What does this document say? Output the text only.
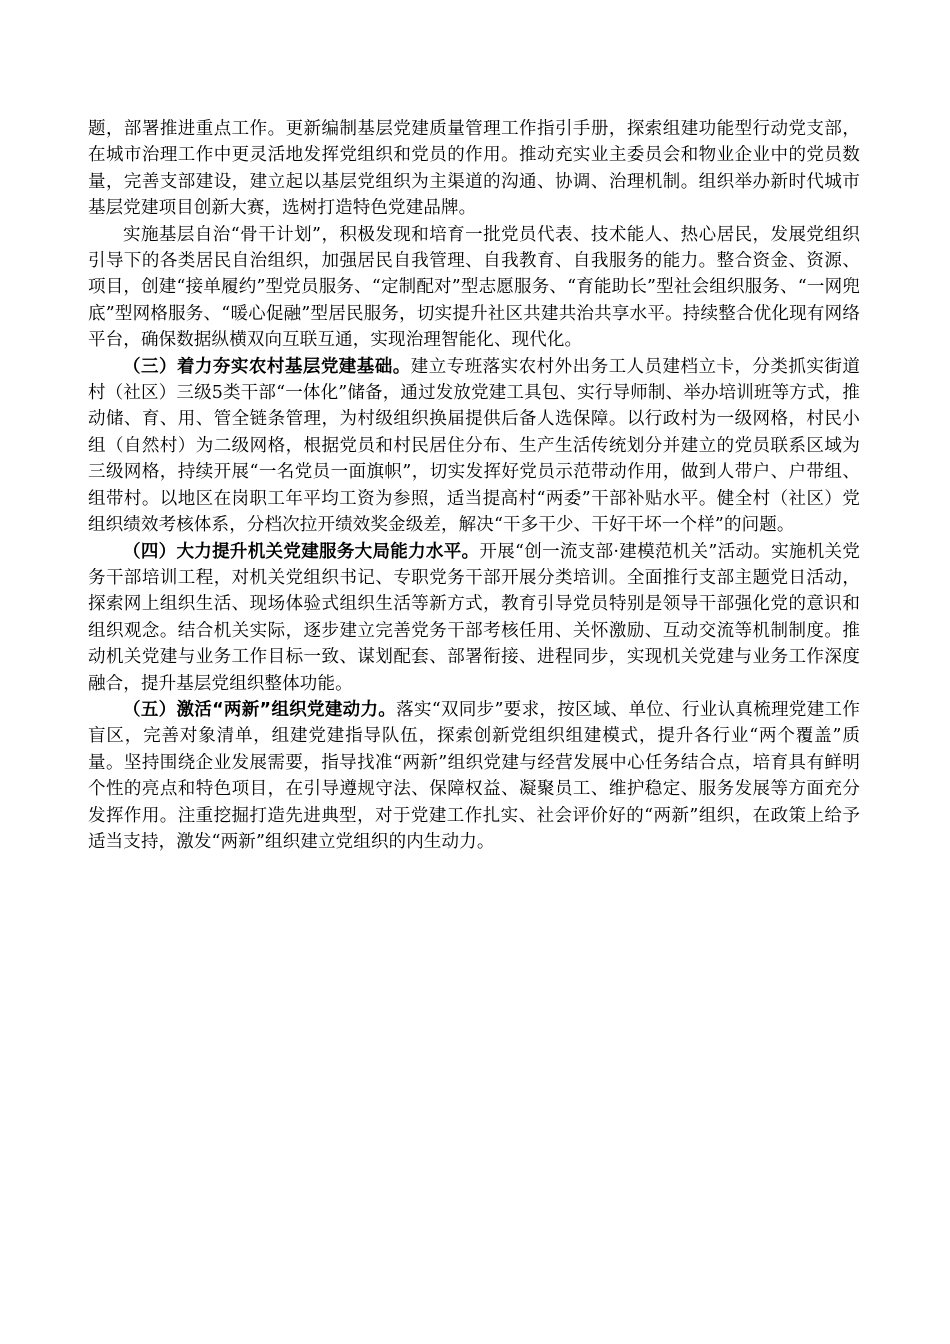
题，部署推进重点工作。更新编制基层党建质量管理工作指引手册，探索组建功能型行动党支部，在城市治理工作中更灵活地发挥党组织和党员的作用。推动充实业主委员会和物业企业中的党员数量，完善支部建设，建立起以基层党组织为主渠道的沟通、协调、治理机制。组织举办新时代城市基层党建项目创新大赛，选树打造特色党建品牌。

实施基层自治“骨干计划”，积极发现和培育一批党员代表、技术能人、热心居民，发展党组织引导下的各类居民自治组织，加强居民自我管理、自我教育、自我服务的能力。整合资金、资源、项目，创建“接单履约”型党员服务、“定制配对”型志愿服务、“育能助长”型社会组织服务、“一网兜底”型网格服务、“暖心促融”型居民服务，切实提升社区共建共治共享水平。持续整合优化现有网络平台，确保数据纵横双向互联互通，实现治理智能化、现代化。

（三）着力夯实农村基层党建基础。建立专班落实农村外出务工人员建档立卡，分类抓实街道村（社区）三级5类干部“一体化”储备，通过发放党建工具包、实行导师制、举办培训班等方式，推动储、育、用、管全链条管理，为村级组织换届提供后备人选保障。以行政村为一级网格，村民小组（自然村）为二级网格，根据党员和村民居住分布、生产生活传统划分并建立的党员联系区域为三级网格，持续开展“一名党员一面旗帜”，切实发挥好党员示范带动作用，做到人带户、户带组、组带村。以地区在岗职工年平均工资为参照，适当提高村“两委”干部补贴水平。健全村（社区）党组织绩效考核体系，分档次拉开绩效奖金级差，解决“干多干少、干好干坏一个样”的问题。

（四）大力提升机关党建服务大局能力水平。开展“创一流支部·建模范机关”活动。实施机关党务干部培训工程，对机关党组织书记、专职党务干部开展分类培训。全面推行支部主题党日活动，探索网上组织生活、现场体验式组织生活等新方式，教育引导党员特别是领导干部强化党的意识和组织观念。结合机关实际，逐步建立完善党务干部考核任用、关怀激励、互动交流等机制制度。推动机关党建与业务工作目标一致、谋划配套、部署衔接、进程同步，实现机关党建与业务工作深度融合，提升基层党组织整体功能。

（五）激活“两新”组织党建动力。落实“双同步”要求，按区域、单位、行业认真梳理党建工作盲区，完善对象清单，组建党建指导队伍，探索创新党组织组建模式，提升各行业“两个覆盖”质量。坚持围绕企业发展需要，指导找准“两新”组织党建与经营发展中心任务结合点，培育具有鲜明个性的亮点和特色项目，在引导遵规守法、保障权益、凝聚员工、维护稳定、服务发展等方面充分发挥作用。注重挖掘打造先进典型，对于党建工作扎实、社会评价好的“两新”组织，在政策上给予适当支持，激发“两新”组织建立党组织的内生动力。
